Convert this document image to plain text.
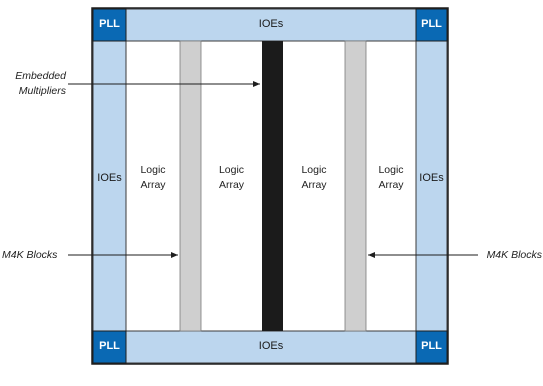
PLL	PLL
PLL	PLL
IOEs
IOEs
IOEs	IOEs
Logic
Array
Logic
Array
Logic
Array
Logic
Array
Embedded
Multipliers
M4K Blocks	M4K Blocks
